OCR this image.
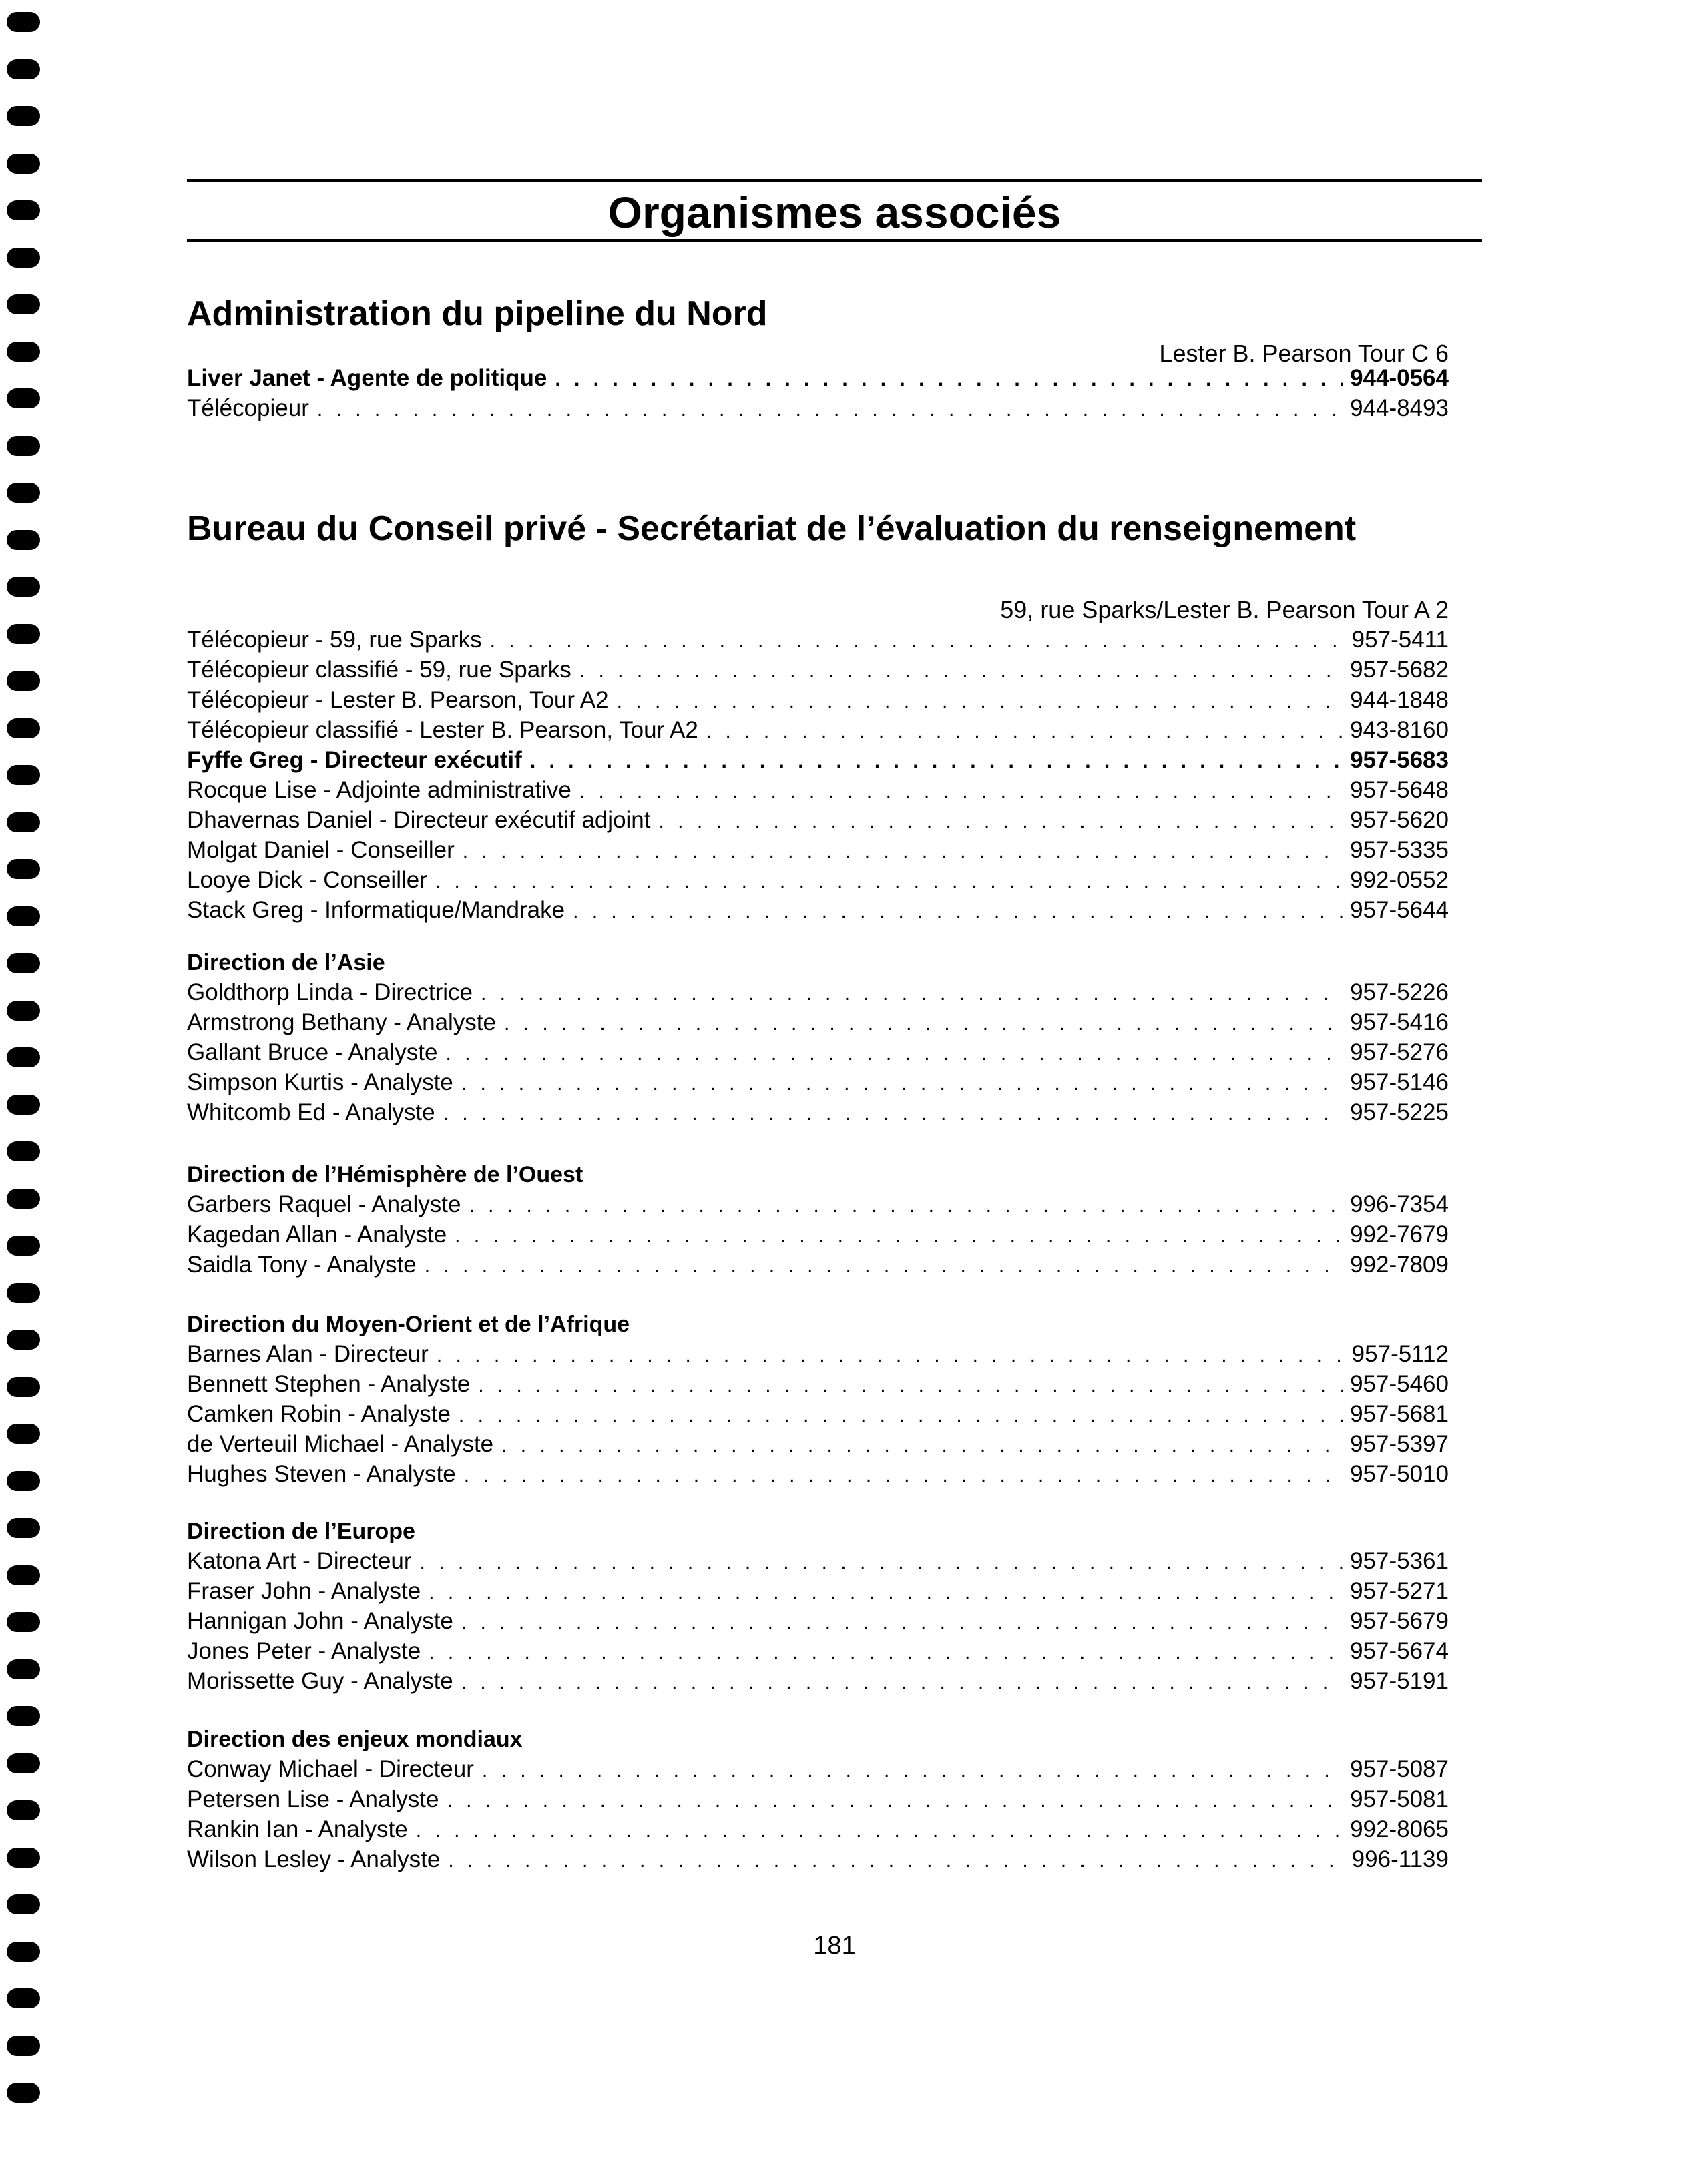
Organismes associés
Administration du pipeline du Nord
Lester B. Pearson Tour C 6
Liver Janet - Agente de politique . . .	944-0564
Télécopieur . . .	944-8493
Bureau du Conseil privé - Secrétariat de l’évaluation du renseignement
59, rue Sparks/Lester B. Pearson Tour A 2
Télécopieur - 59, rue Sparks . . .	957-5411
Télécopieur classifié - 59, rue Sparks . . .	957-5682
Télécopieur - Lester B. Pearson, Tour A2 . . .	944-1848
Télécopieur classifié - Lester B. Pearson, Tour A2 . . .	943-8160
Fyffe Greg - Directeur exécutif . . .	957-5683
Rocque Lise - Adjointe administrative . . .	957-5648
Dhavernas Daniel - Directeur exécutif adjoint . . .	957-5620
Molgat Daniel - Conseiller . . .	957-5335
Looye Dick - Conseiller . . .	992-0552
Stack Greg - Informatique/Mandrake . . .	957-5644
Direction de l’Asie
Goldthorp Linda - Directrice . . .	957-5226
Armstrong Bethany - Analyste . . .	957-5416
Gallant Bruce - Analyste . . .	957-5276
Simpson Kurtis - Analyste . . .	957-5146
Whitcomb Ed - Analyste . . .	957-5225
Direction de l’Hémisphère de l’Ouest
Garbers Raquel - Analyste . . .	996-7354
Kagedan Allan - Analyste . . .	992-7679
Saidla Tony - Analyste . . .	992-7809
Direction du Moyen-Orient et de l’Afrique
Barnes Alan - Directeur . . .	957-5112
Bennett Stephen - Analyste . . .	957-5460
Camken Robin - Analyste . . .	957-5681
de Verteuil Michael - Analyste . . .	957-5397
Hughes Steven - Analyste . . .	957-5010
Direction de l’Europe
Katona Art - Directeur . . .	957-5361
Fraser John - Analyste . . .	957-5271
Hannigan John - Analyste . . .	957-5679
Jones Peter - Analyste . . .	957-5674
Morissette Guy - Analyste . . .	957-5191
Direction des enjeux mondiaux
Conway Michael - Directeur . . .	957-5087
Petersen Lise - Analyste . . .	957-5081
Rankin Ian - Analyste . . .	992-8065
Wilson Lesley - Analyste . . .	996-1139
181
